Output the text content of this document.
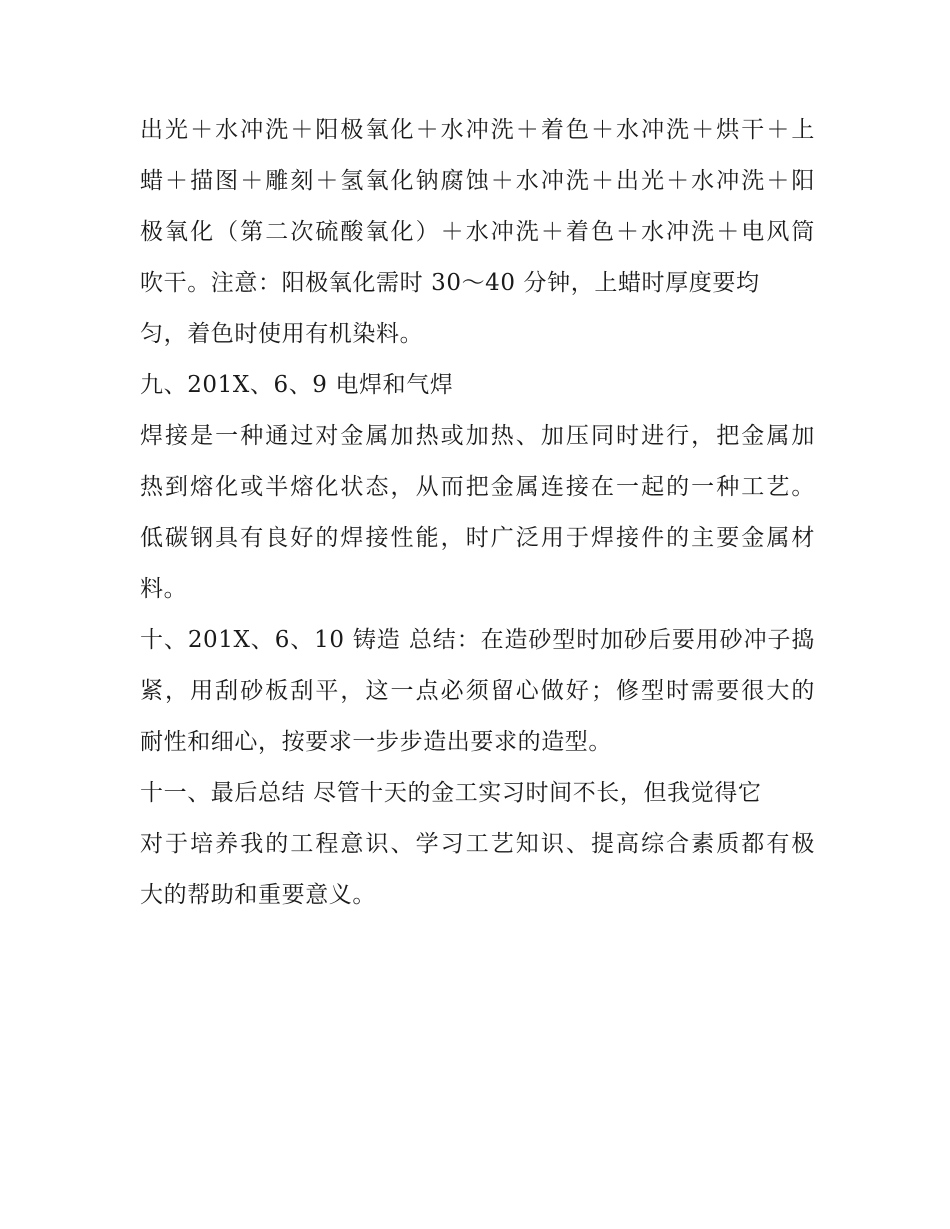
出光＋水冲洗＋阳极氧化＋水冲洗＋着色＋水冲洗＋烘干＋上
蜡＋描图＋雕刻＋氢氧化钠腐蚀＋水冲洗＋出光＋水冲洗＋阳
极氧化（第二次硫酸氧化）＋水冲洗＋着色＋水冲洗＋电风筒
吹干。注意：阳极氧化需时 30～40 分钟，上蜡时厚度要均
匀，着色时使用有机染料。
九、201X、6、9 电焊和气焊
焊接是一种通过对金属加热或加热、加压同时进行，把金属加
热到熔化或半熔化状态，从而把金属连接在一起的一种工艺。
低碳钢具有良好的焊接性能，时广泛用于焊接件的主要金属材
料。
十、201X、6、10 铸造 总结：在造砂型时加砂后要用砂冲子捣
紧，用刮砂板刮平，这一点必须留心做好；修型时需要很大的
耐性和细心，按要求一步步造出要求的造型。
十一、最后总结 尽管十天的金工实习时间不长，但我觉得它
对于培养我的工程意识、学习工艺知识、提高综合素质都有极
大的帮助和重要意义。
